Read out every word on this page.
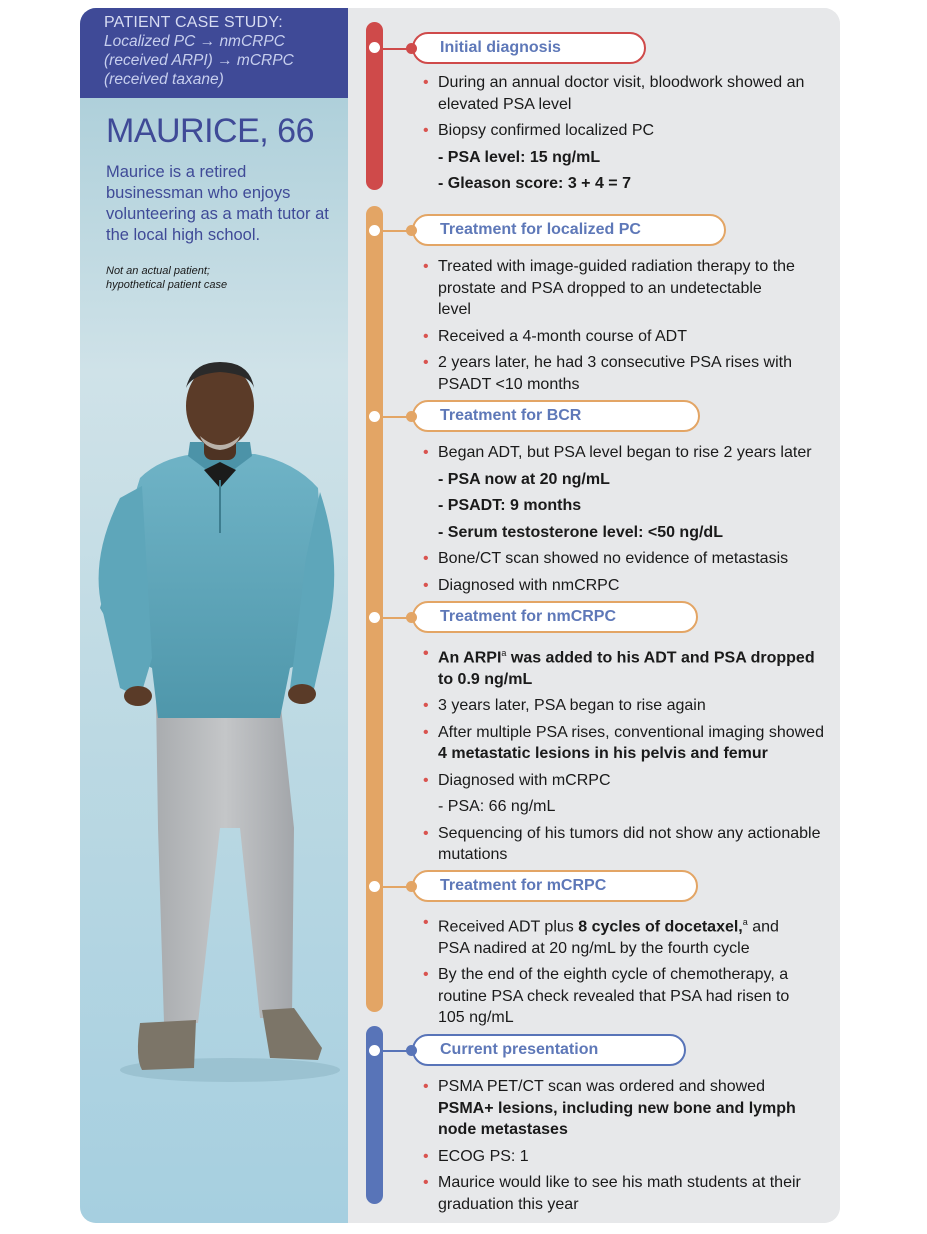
PATIENT CASE STUDY:
Localized PC → nmCRPC
(received ARPI) → mCRPC
(received taxane)
MAURICE, 66
Maurice is a retired businessman who enjoys volunteering as a math tutor at the local high school.
Not an actual patient;
hypothetical patient case
Initial diagnosis
• During an annual doctor visit, bloodwork showed an elevated PSA level
• Biopsy confirmed localized PC
- PSA level: 15 ng/mL
- Gleason score: 3 + 4 = 7
Treatment for localized PC
• Treated with image-guided radiation therapy to the prostate and PSA dropped to an undetectable level
• Received a 4-month course of ADT
• 2 years later, he had 3 consecutive PSA rises with PSADT <10 months
Treatment for BCR
• Began ADT, but PSA level began to rise 2 years later
- PSA now at 20 ng/mL
- PSADT: 9 months
- Serum testosterone level: <50 ng/dL
• Bone/CT scan showed no evidence of metastasis
• Diagnosed with nmCRPC
Treatment for nmCRPC
• An ARPI$^a$ was added to his ADT and PSA dropped to 0.9 ng/mL
• 3 years later, PSA began to rise again
• After multiple PSA rises, conventional imaging showed 4 metastatic lesions in his pelvis and femur
• Diagnosed with mCRPC
- PSA: 66 ng/mL
• Sequencing of his tumors did not show any actionable mutations
Treatment for mCRPC
• Received ADT plus 8 cycles of docetaxel,$^a$ and PSA nadired at 20 ng/mL by the fourth cycle
• By the end of the eighth cycle of chemotherapy, a routine PSA check revealed that PSA had risen to 105 ng/mL
Current presentation
• PSMA PET/CT scan was ordered and showed PSMA+ lesions, including new bone and lymph node metastases
• ECOG PS: 1
• Maurice would like to see his math students at their graduation this year
